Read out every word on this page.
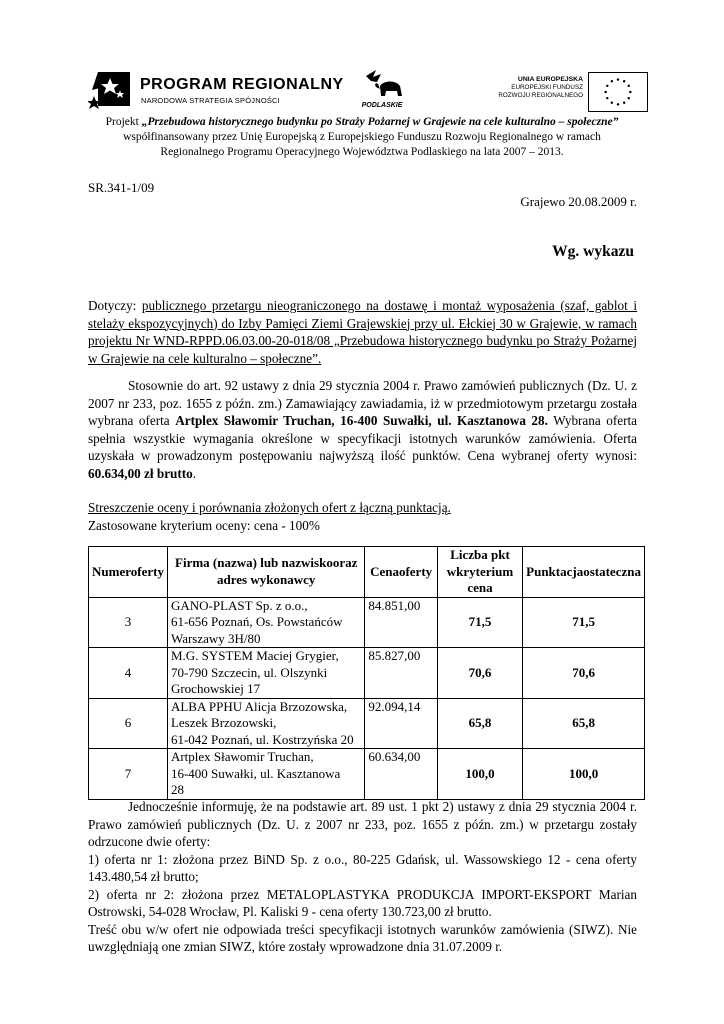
PROGRAM REGIONALNY
NARODOWA STRATEGIA SPÓJNOŚCI
PODLASKIE
UNIA EUROPEJSKA
EUROPEJSKI FUNDUSZ
ROZWOJU REGIONALNEGO
Projekt „Przebudowa historycznego budynku po Straży Pożarnej w Grajewie na cele kulturalno – społeczne”
współfinansowany przez Unię Europejską z Europejskiego Funduszu Rozwoju Regionalnego w ramach
Regionalnego Programu Operacyjnego Województwa Podlaskiego na lata 2007 – 2013.
SR.341-1/09
Grajewo 20.08.2009 r.
Wg. wykazu
Dotyczy: publicznego przetargu nieograniczonego na dostawę i montaż wyposażenia (szaf, gablot i stelaży ekspozycyjnych) do Izby Pamięci Ziemi Grajewskiej przy ul. Ełckiej 30 w Grajewie, w ramach projektu Nr WND-RPPD.06.03.00-20-018/08 „Przebudowa historycznego budynku po Straży Pożarnej w Grajewie na cele kulturalno – społeczne”.
Stosownie do art. 92 ustawy z dnia 29 stycznia 2004 r. Prawo zamówień publicznych (Dz. U. z 2007 nr 233, poz. 1655 z późn. zm.) Zamawiający zawiadamia, iż w przedmiotowym przetargu została wybrana oferta Artplex Sławomir Truchan, 16-400 Suwałki, ul. Kasztanowa 28. Wybrana oferta spełnia wszystkie wymagania określone w specyfikacji istotnych warunków zamówienia. Oferta uzyskała w prowadzonym postępowaniu najwyższą ilość punktów. Cena wybranej oferty wynosi: 60.634,00 zł brutto.
Streszczenie oceny i porównania złożonych ofert z łączną punktacją.
Zastosowane kryterium oceny: cena - 100%
Numeroferty	Firma (nazwa) lub nazwiskooraz adres wykonawcy	Cenaoferty	Liczba pkt wkryterium cena	Punktacjaostateczna
3	GANO-PLAST Sp. z o.o.,
61-656 Poznań, Os. Powstańców
Warszawy 3H/80	84.851,00	71,5	71,5
4	M.G. SYSTEM Maciej Grygier,
70-790 Szczecin, ul. Olszynki
Grochowskiej 17	85.827,00	70,6	70,6
6	ALBA PPHU Alicja Brzozowska,
Leszek Brzozowski,
61-042 Poznań, ul. Kostrzyńska 20	92.094,14	65,8	65,8
7	Artplex Sławomir Truchan,
16-400 Suwałki, ul. Kasztanowa
28	60.634,00	100,0	100,0
Jednocześnie informuję, że na podstawie art. 89 ust. 1 pkt 2) ustawy z dnia 29 stycznia 2004 r. Prawo zamówień publicznych (Dz. U. z 2007 nr 233, poz. 1655 z późn. zm.) w przetargu zostały odrzucone dwie oferty:
1) oferta nr 1: złożona przez BiND Sp. z o.o., 80-225 Gdańsk, ul. Wassowskiego 12 - cena oferty 143.480,54 zł brutto;
2) oferta nr 2: złożona przez METALOPLASTYKA PRODUKCJA IMPORT-EKSPORT Marian Ostrowski, 54-028 Wrocław, Pl. Kaliski 9 - cena oferty 130.723,00 zł brutto.
Treść obu w/w ofert nie odpowiada treści specyfikacji istotnych warunków zamówienia (SIWZ). Nie uwzględniają one zmian SIWZ, które zostały wprowadzone dnia 31.07.2009 r.
